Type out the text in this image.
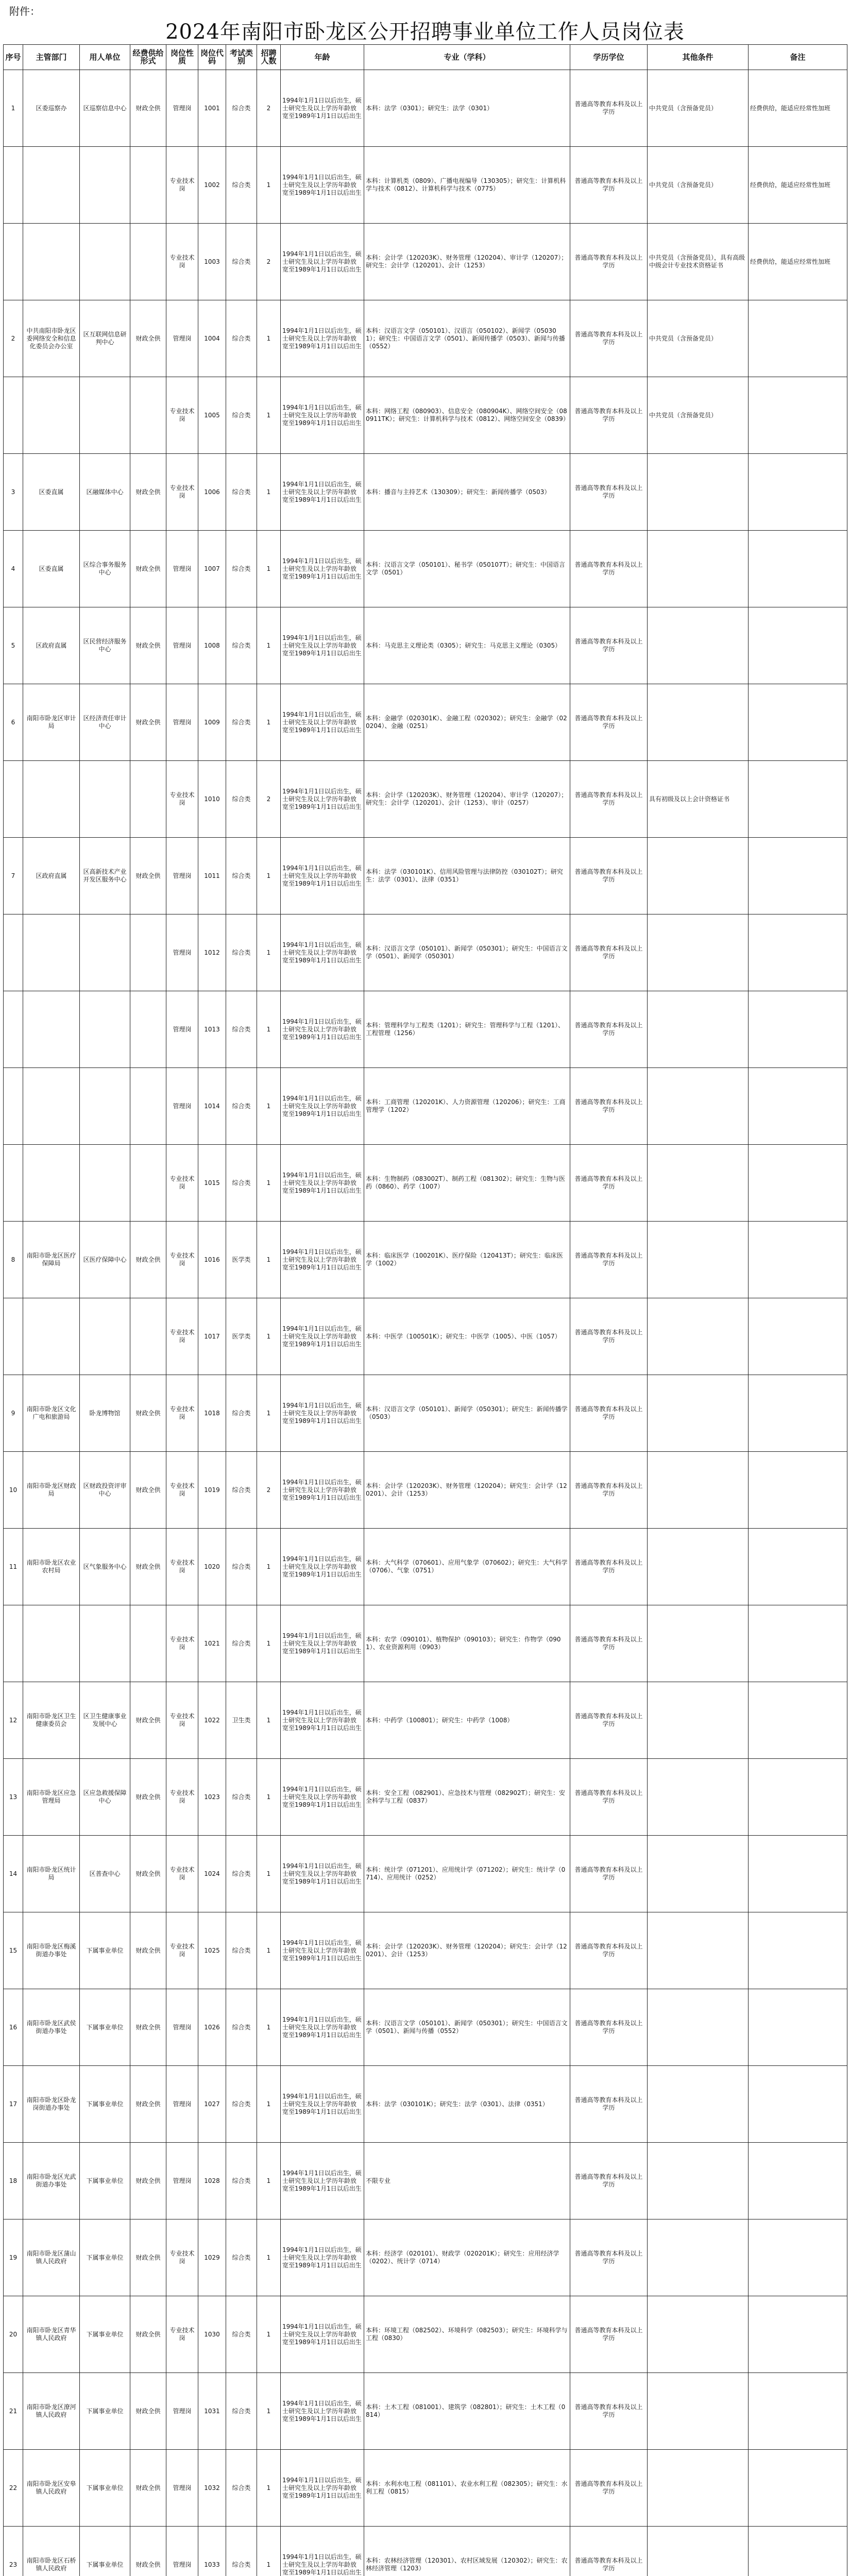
附件：
2024年南阳市卧龙区公开招聘事业单位工作人员岗位表
序号	主管部门	用人单位	经费供给形式	岗位性质	岗位代码	考试类别	招聘人数	年龄	专业（学科）	学历学位	其他条件	备注
1	区委巡察办	区巡察信息中心	财政全供	管理岗	1001	综合类	2	1994年1月1日以后出生，硕士研究生及以上学历年龄放宽至1989年1月1日以后出生	本科：法学（0301）；研究生：法学（0301）	普通高等教育本科及以上学历	中共党员（含预备党员）	经费供给，能适应经常性加班
				专业技术岗	1002	综合类	1	1994年1月1日以后出生，硕士研究生及以上学历年龄放宽至1989年1月1日以后出生	本科：计算机类（0809）、广播电视编导（130305）；研究生：计算机科学与技术（0812）、计算机科学与技术（0775）	普通高等教育本科及以上学历	中共党员（含预备党员）	经费供给，能适应经常性加班
				专业技术岗	1003	综合类	2	1994年1月1日以后出生，硕士研究生及以上学历年龄放宽至1989年1月1日以后出生	本科：会计学（120203K）、财务管理（120204）、审计学（120207）；研究生：会计学（120201）、会计（1253）	普通高等教育本科及以上学历	中共党员（含预备党员），具有高级中级会计专业技术资格证书	经费供给，能适应经常性加班
2	中共南阳市卧龙区委网络安全和信息化委员会办公室	区互联网信息研判中心	财政全供	管理岗	1004	综合类	1	1994年1月1日以后出生，硕士研究生及以上学历年龄放宽至1989年1月1日以后出生	本科：汉语言文学（050101）、汉语言（050102）、新闻学（050301）；研究生：中国语言文学（0501）、新闻传播学（0503）、新闻与传播（0552）	普通高等教育本科及以上学历	中共党员（含预备党员）	
				专业技术岗	1005	综合类	1	1994年1月1日以后出生，硕士研究生及以上学历年龄放宽至1989年1月1日以后出生	本科：网络工程（080903）、信息安全（080904K）、网络空间安全（080911TK）；研究生：计算机科学与技术（0812）、网络空间安全（0839）	普通高等教育本科及以上学历	中共党员（含预备党员）	
3	区委直属	区融媒体中心	财政全供	专业技术岗	1006	综合类	1	1994年1月1日以后出生，硕士研究生及以上学历年龄放宽至1989年1月1日以后出生	本科：播音与主持艺术（130309）；研究生：新闻传播学（0503）	普通高等教育本科及以上学历		
4	区委直属	区综合事务服务中心	财政全供	管理岗	1007	综合类	1	1994年1月1日以后出生，硕士研究生及以上学历年龄放宽至1989年1月1日以后出生	本科：汉语言文学（050101）、秘书学（050107T）；研究生：中国语言文学（0501）	普通高等教育本科及以上学历		
5	区政府直属	区民营经济服务中心	财政全供	管理岗	1008	综合类	1	1994年1月1日以后出生，硕士研究生及以上学历年龄放宽至1989年1月1日以后出生	本科：马克思主义理论类（0305）；研究生：马克思主义理论（0305）	普通高等教育本科及以上学历		
6	南阳市卧龙区审计局	区经济责任审计中心	财政全供	管理岗	1009	综合类	1	1994年1月1日以后出生，硕士研究生及以上学历年龄放宽至1989年1月1日以后出生	本科：金融学（020301K）、金融工程（020302）；研究生：金融学（020204）、金融（0251）	普通高等教育本科及以上学历		
				专业技术岗	1010	综合类	2	1994年1月1日以后出生，硕士研究生及以上学历年龄放宽至1989年1月1日以后出生	本科：会计学（120203K）、财务管理（120204）、审计学（120207）；研究生：会计学（120201）、会计（1253）、审计（0257）	普通高等教育本科及以上学历	具有初级及以上会计资格证书	
7	区政府直属	区高新技术产业开发区服务中心	财政全供	管理岗	1011	综合类	1	1994年1月1日以后出生，硕士研究生及以上学历年龄放宽至1989年1月1日以后出生	本科：法学（030101K）、信用风险管理与法律防控（030102T）；研究生：法学（0301）、法律（0351）	普通高等教育本科及以上学历		
				管理岗	1012	综合类	1	1994年1月1日以后出生，硕士研究生及以上学历年龄放宽至1989年1月1日以后出生	本科：汉语言文学（050101）、新闻学（050301）；研究生：中国语言文学（0501）、新闻学（050301）	普通高等教育本科及以上学历		
				管理岗	1013	综合类	1	1994年1月1日以后出生，硕士研究生及以上学历年龄放宽至1989年1月1日以后出生	本科：管理科学与工程类（1201）；研究生：管理科学与工程（1201）、工程管理（1256）	普通高等教育本科及以上学历		
				管理岗	1014	综合类	1	1994年1月1日以后出生，硕士研究生及以上学历年龄放宽至1989年1月1日以后出生	本科：工商管理（120201K）、人力资源管理（120206）；研究生：工商管理学（1202）	普通高等教育本科及以上学历		
				专业技术岗	1015	综合类	1	1994年1月1日以后出生，硕士研究生及以上学历年龄放宽至1989年1月1日以后出生	本科：生物制药（083002T）、制药工程（081302）；研究生：生物与医药（0860）、药学（1007）	普通高等教育本科及以上学历		
8	南阳市卧龙区医疗保障局	区医疗保障中心	财政全供	专业技术岗	1016	医学类	1	1994年1月1日以后出生，硕士研究生及以上学历年龄放宽至1989年1月1日以后出生	本科：临床医学（100201K）、医疗保险（120413T）；研究生：临床医学（1002）	普通高等教育本科及以上学历		
				专业技术岗	1017	医学类	1	1994年1月1日以后出生，硕士研究生及以上学历年龄放宽至1989年1月1日以后出生	本科：中医学（100501K）；研究生：中医学（1005）、中医（1057）	普通高等教育本科及以上学历		
9	南阳市卧龙区文化广电和旅游局	卧龙博物馆	财政全供	专业技术岗	1018	综合类	1	1994年1月1日以后出生，硕士研究生及以上学历年龄放宽至1989年1月1日以后出生	本科：汉语言文学（050101）、新闻学（050301）；研究生：新闻传播学（0503）	普通高等教育本科及以上学历		
10	南阳市卧龙区财政局	区财政投资评审中心	财政全供	专业技术岗	1019	综合类	2	1994年1月1日以后出生，硕士研究生及以上学历年龄放宽至1989年1月1日以后出生	本科：会计学（120203K）、财务管理（120204）；研究生：会计学（120201）、会计（1253）	普通高等教育本科及以上学历		
11	南阳市卧龙区农业农村局	区气象服务中心	财政全供	专业技术岗	1020	综合类	1	1994年1月1日以后出生，硕士研究生及以上学历年龄放宽至1989年1月1日以后出生	本科：大气科学（070601）、应用气象学（070602）；研究生：大气科学（0706）、气象（0751）	普通高等教育本科及以上学历		
				专业技术岗	1021	综合类	1	1994年1月1日以后出生，硕士研究生及以上学历年龄放宽至1989年1月1日以后出生	本科：农学（090101）、植物保护（090103）；研究生：作物学（0901）、农业资源利用（0903）	普通高等教育本科及以上学历		
12	南阳市卧龙区卫生健康委员会	区卫生健康事业发展中心	财政全供	专业技术岗	1022	卫生类	1	1994年1月1日以后出生，硕士研究生及以上学历年龄放宽至1989年1月1日以后出生	本科：中药学（100801）；研究生：中药学（1008）	普通高等教育本科及以上学历		
13	南阳市卧龙区应急管理局	区应急救援保障中心	财政全供	专业技术岗	1023	综合类	1	1994年1月1日以后出生，硕士研究生及以上学历年龄放宽至1989年1月1日以后出生	本科：安全工程（082901）、应急技术与管理（082902T）；研究生：安全科学与工程（0837）	普通高等教育本科及以上学历		
14	南阳市卧龙区统计局	区普查中心	财政全供	专业技术岗	1024	综合类	1	1994年1月1日以后出生，硕士研究生及以上学历年龄放宽至1989年1月1日以后出生	本科：统计学（071201）、应用统计学（071202）；研究生：统计学（0714）、应用统计（0252）	普通高等教育本科及以上学历		
15	南阳市卧龙区梅溪街道办事处	下属事业单位	财政全供	专业技术岗	1025	综合类	1	1994年1月1日以后出生，硕士研究生及以上学历年龄放宽至1989年1月1日以后出生	本科：会计学（120203K）、财务管理（120204）；研究生：会计学（120201）、会计（1253）	普通高等教育本科及以上学历		
16	南阳市卧龙区武侯街道办事处	下属事业单位	财政全供	管理岗	1026	综合类	1	1994年1月1日以后出生，硕士研究生及以上学历年龄放宽至1989年1月1日以后出生	本科：汉语言文学（050101）、新闻学（050301）；研究生：中国语言文学（0501）、新闻与传播（0552）	普通高等教育本科及以上学历		
17	南阳市卧龙区卧龙岗街道办事处	下属事业单位	财政全供	管理岗	1027	综合类	1	1994年1月1日以后出生，硕士研究生及以上学历年龄放宽至1989年1月1日以后出生	本科：法学（030101K）；研究生：法学（0301）、法律（0351）	普通高等教育本科及以上学历		
18	南阳市卧龙区光武街道办事处	下属事业单位	财政全供	管理岗	1028	综合类	1	1994年1月1日以后出生，硕士研究生及以上学历年龄放宽至1989年1月1日以后出生	不限专业	普通高等教育本科及以上学历		
19	南阳市卧龙区蒲山镇人民政府	下属事业单位	财政全供	专业技术岗	1029	综合类	1	1994年1月1日以后出生，硕士研究生及以上学历年龄放宽至1989年1月1日以后出生	本科：经济学（020101）、财政学（020201K）；研究生：应用经济学（0202）、统计学（0714）	普通高等教育本科及以上学历		
20	南阳市卧龙区青华镇人民政府	下属事业单位	财政全供	专业技术岗	1030	综合类	1	1994年1月1日以后出生，硕士研究生及以上学历年龄放宽至1989年1月1日以后出生	本科：环境工程（082502）、环境科学（082503）；研究生：环境科学与工程（0830）	普通高等教育本科及以上学历		
21	南阳市卧龙区潦河镇人民政府	下属事业单位	财政全供	管理岗	1031	综合类	1	1994年1月1日以后出生，硕士研究生及以上学历年龄放宽至1989年1月1日以后出生	本科：土木工程（081001）、建筑学（082801）；研究生：土木工程（0814）	普通高等教育本科及以上学历		
22	南阳市卧龙区安皋镇人民政府	下属事业单位	财政全供	管理岗	1032	综合类	1	1994年1月1日以后出生，硕士研究生及以上学历年龄放宽至1989年1月1日以后出生	本科：水利水电工程（081101）、农业水利工程（082305）；研究生：水利工程（0815）	普通高等教育本科及以上学历		
23	南阳市卧龙区石桥镇人民政府	下属事业单位	财政全供	管理岗	1033	综合类	1	1994年1月1日以后出生，硕士研究生及以上学历年龄放宽至1989年1月1日以后出生	本科：农林经济管理（120301）、农村区域发展（120302）；研究生：农林经济管理（1203）	普通高等教育本科及以上学历		
